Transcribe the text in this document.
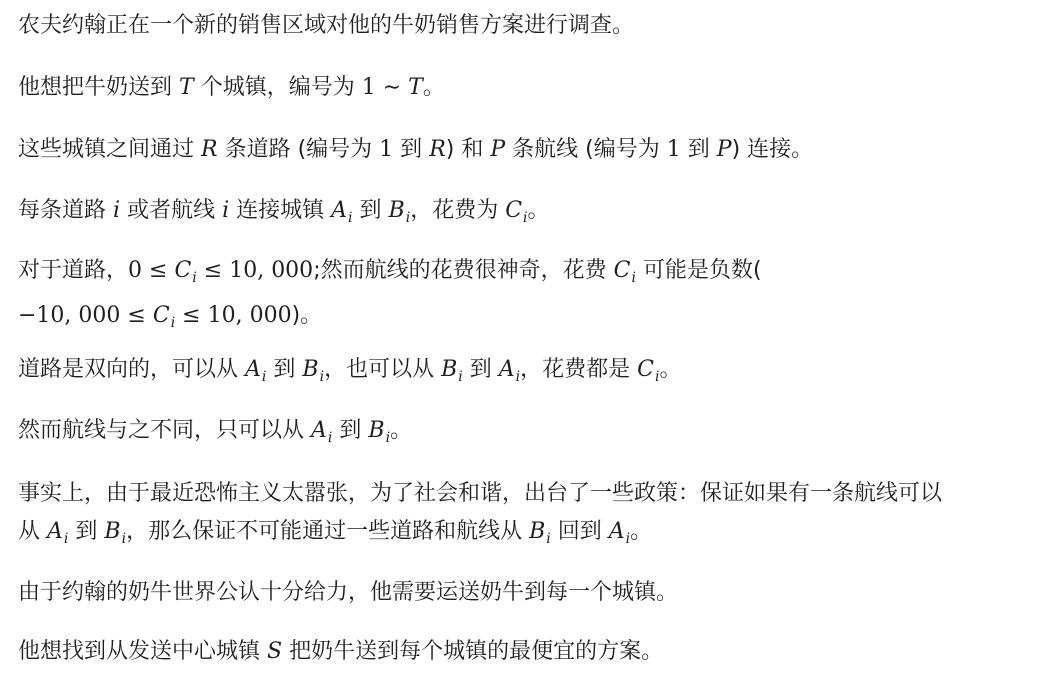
农夫约翰正在一个新的销售区域对他的牛奶销售方案进行调查。

他想把牛奶送到 T 个城镇，编号为 1 ∼ T。

这些城镇之间通过 R 条道路 (编号为 1 到 R) 和 P 条航线 (编号为 1 到 P) 连接。

每条道路 i 或者航线 i 连接城镇 $A_i$ 到 $B_i$，花费为 $C_i$。

对于道路，$0 \le C_i \le 10$, 000;然而航线的花费很神奇，花费 $C_i$ 可能是负数(
−10, $000 \le C_i \le 10$, 000)。

道路是双向的，可以从 $A_i$ 到 $B_i$，也可以从 $B_i$ 到 $A_i$，花费都是 $C_i$。

然而航线与之不同，只可以从 $A_i$ 到 $B_i$。

事实上，由于最近恐怖主义太嚣张，为了社会和谐，出台了一些政策：保证如果有一条航线可以
从 $A_i$ 到 $B_i$，那么保证不可能通过一些道路和航线从 $B_i$ 回到 $A_i$。

由于约翰的奶牛世界公认十分给力，他需要运送奶牛到每一个城镇。

他想找到从发送中心城镇 S 把奶牛送到每个城镇的最便宜的方案。
